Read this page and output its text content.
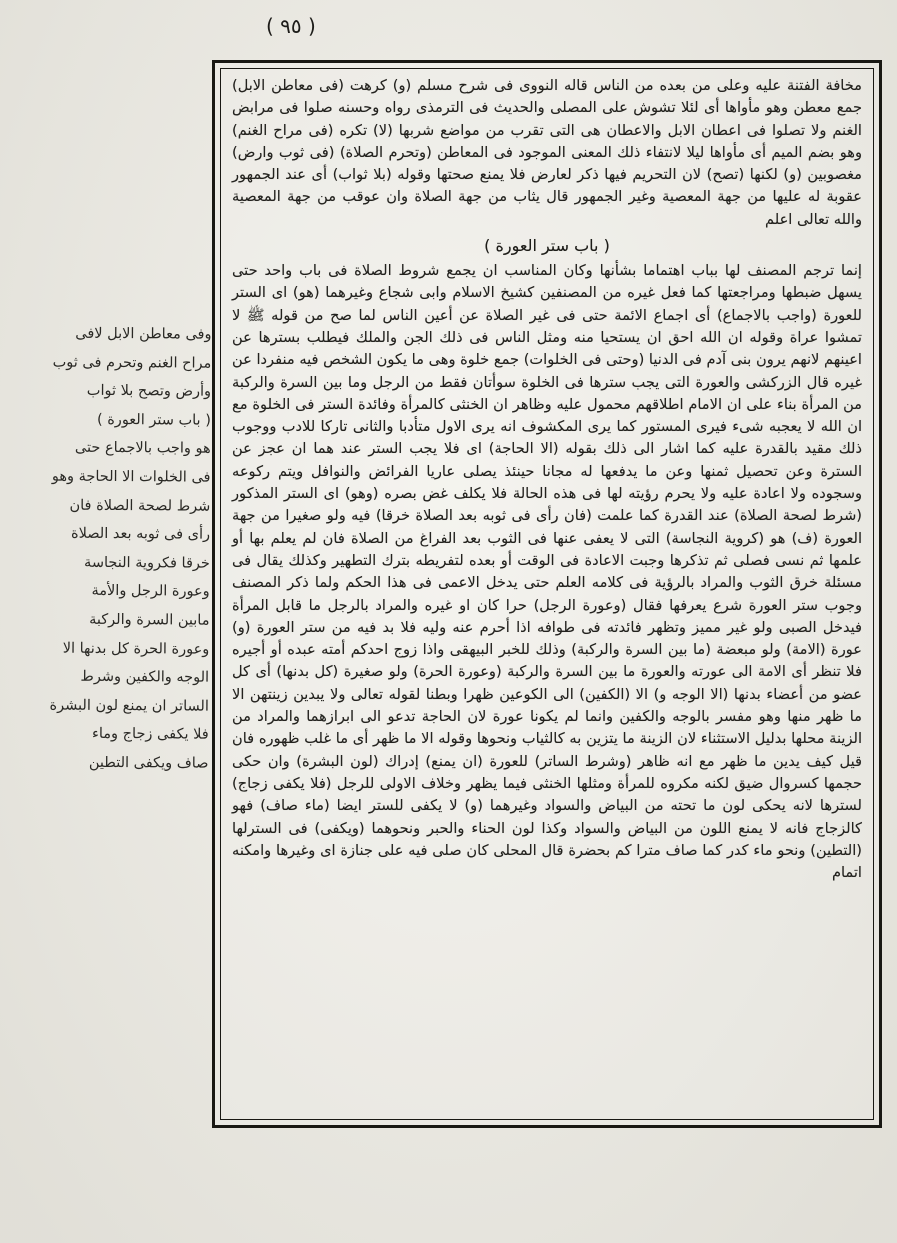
( ٩٥ )
وفى معاطن الابل لافى
مراح الغنم وتحرم فى ثوب
وأرض وتصح بلا ثواب
( باب ستر العورة )
هو واجب بالاجماع حتى
فى الخلوات الا الحاجة وهو
شرط لصحة الصلاة فان
رأى فى ثوبه بعد الصلاة
خرقا فكروية النجاسة
وعورة الرجل والأمة
مابين السرة والركبة
وعورة الحرة كل بدنها الا
الوجه والكفين وشرط
الساتر ان يمنع لون البشرة
فلا يكفى زجاج وماء
صاف ويكفى التطين

مخافة الفتنة عليه وعلى من بعده من الناس قاله النووى فى شرح مسلم (و) كرهت (فى معاطن الابل) جمع معطن وهو مأواها أى لئلا تشوش على المصلى والحديث فى الترمذى رواه وحسنه صلوا فى مرابض الغنم ولا تصلوا فى اعطان الابل والاعطان هى التى تقرب من مواضع شربها (لا) تكره (فى مراح الغنم) وهو بضم الميم أى مأواها ليلا لانتفاء ذلك المعنى الموجود فى المعاطن (وتحرم الصلاة) (فى ثوب وارض) مغصوبين (و) لكنها (تصح) لان التحريم فيها ذكر لعارض فلا يمنع صحتها وقوله (بلا ثواب) أى عند الجمهور عقوبة له عليها من جهة المعصية وغير الجمهور قال يثاب من جهة الصلاة وان عوقب من جهة المعصية والله تعالى اعلم

( باب ستر العورة )

إنما ترجم المصنف لها بباب اهتماما بشأنها وكان المناسب ان يجمع شروط الصلاة فى باب واحد حتى يسهل ضبطها ومراجعتها كما فعل غيره من المصنفين كشيخ الاسلام وابى شجاع وغيرهما (هو) اى الستر للعورة (واجب بالاجماع) أى اجماع الائمة حتى فى غير الصلاة عن أعين الناس لما صح من قوله ﷺ لا تمشوا عراة وقوله ان الله احق ان يستحيا منه ومثل الناس فى ذلك الجن والملك فيطلب بسترها عن اعينهم لانهم يرون بنى آدم فى الدنيا (وحتى فى الخلوات) جمع خلوة وهى ما يكون الشخص فيه منفردا عن غيره قال الزركشى والعورة التى يجب سترها فى الخلوة سوأتان فقط من الرجل وما بين السرة والركبة من المرأة بناء على ان الامام اطلاقهم محمول عليه وظاهر ان الخنثى كالمرأة وفائدة الستر فى الخلوة مع ان الله لا يعجبه شىء فيرى المستور كما يرى المكشوف انه يرى الاول متأدبا والثانى تاركا للادب ووجوب ذلك مقيد بالقدرة عليه كما اشار الى ذلك بقوله (الا الحاجة) اى فلا يجب الستر عند هما ان عجز عن السترة وعن تحصيل ثمنها وعن ما يدفعها له مجانا حينئذ يصلى عاريا الفرائض والنوافل ويتم ركوعه وسجوده ولا اعادة عليه ولا يحرم رؤيته لها فى هذه الحالة فلا يكلف غض بصره (وهو) اى الستر المذكور (شرط لصحة الصلاة) عند القدرة كما علمت (فان رأى فى ثوبه بعد الصلاة خرقا) فيه ولو صغيرا من جهة العورة (ف) هو (كروية النجاسة) التى لا يعفى عنها فى الثوب بعد الفراغ من الصلاة فان لم يعلم بها أو علمها ثم نسى فصلى ثم تذكرها وجبت الاعادة فى الوقت أو بعده لتفريطه بترك التطهير وكذلك يقال فى مسئلة خرق الثوب والمراد بالرؤية فى كلامه العلم حتى يدخل الاعمى فى هذا الحكم ولما ذكر المصنف وجوب ستر العورة شرع يعرفها فقال (وعورة الرجل) حرا كان او غيره والمراد بالرجل ما قابل المرأة فيدخل الصبى ولو غير مميز وتظهر فائدته فى طوافه اذا أحرم عنه وليه فلا بد فيه من ستر العورة (و) عورة (الامة) ولو مبعضة (ما بين السرة والركبة) وذلك للخبر البيهقى واذا زوج احدكم أمته عبده أو أجيره فلا تنظر أى الامة الى عورته والعورة ما بين السرة والركبة (وعورة الحرة) ولو صغيرة (كل بدنها) أى كل عضو من أعضاء بدنها (الا الوجه و) الا (الكفين) الى الكوعين ظهرا وبطنا لقوله تعالى ولا يبدين زينتهن الا ما ظهر منها وهو مفسر بالوجه والكفين وانما لم يكونا عورة لان الحاجة تدعو الى ابرازهما والمراد من الزينة محلها بدليل الاستثناء لان الزينة ما يتزين به كالثياب ونحوها وقوله الا ما ظهر أى ما غلب ظهوره فان قيل كيف يدين ما ظهر مع انه ظاهر (وشرط الساتر) للعورة (ان يمنع) إدراك (لون البشرة) وان حكى حجمها كسروال ضيق لكنه مكروه للمرأة ومثلها الخنثى فيما يظهر وخلاف الاولى للرجل (فلا يكفى زجاج) لسترها لانه يحكى لون ما تحته من البياض والسواد وغيرهما (و) لا يكفى للستر ايضا (ماء صاف) فهو كالزجاج فانه لا يمنع اللون من البياض والسواد وكذا لون الحناء والحبر ونحوهما (ويكفى) فى السترلها (التطين) ونحو ماء كدر كما صاف مترا كم بحضرة قال المحلى كان صلى فيه على جنازة اى وغيرها وامكنه اتمام
